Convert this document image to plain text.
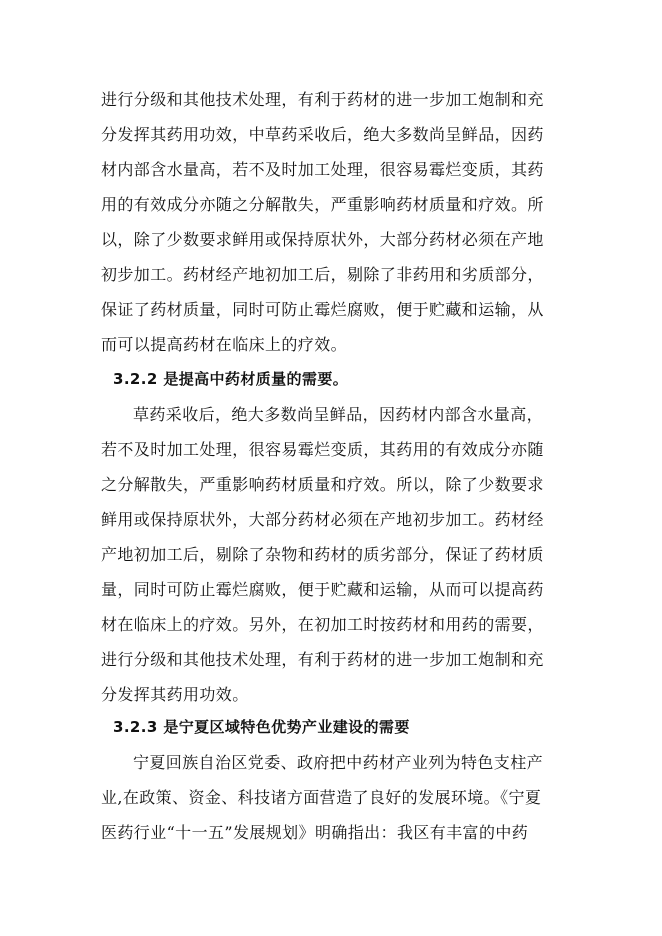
进行分级和其他技术处理，有利于药材的进一步加工炮制和充
分发挥其药用功效，中草药采收后，绝大多数尚呈鲜品，因药
材内部含水量高，若不及时加工处理，很容易霉烂变质，其药
用的有效成分亦随之分解散失，严重影响药材质量和疗效。所
以，除了少数要求鲜用或保持原状外，大部分药材必须在产地
初步加工。药材经产地初加工后，剔除了非药用和劣质部分，
保证了药材质量，同时可防止霉烂腐败，便于贮藏和运输，从
而可以提高药材在临床上的疗效。
3.2.2 是提高中药材质量的需要。
草药采收后，绝大多数尚呈鲜品，因药材内部含水量高，
若不及时加工处理，很容易霉烂变质，其药用的有效成分亦随
之分解散失，严重影响药材质量和疗效。所以，除了少数要求
鲜用或保持原状外，大部分药材必须在产地初步加工。药材经
产地初加工后，剔除了杂物和药材的质劣部分，保证了药材质
量，同时可防止霉烂腐败，便于贮藏和运输，从而可以提高药
材在临床上的疗效。另外，在初加工时按药材和用药的需要，
进行分级和其他技术处理，有利于药材的进一步加工炮制和充
分发挥其药用功效。
3.2.3 是宁夏区域特色优势产业建设的需要
宁夏回族自治区党委、政府把中药材产业列为特色支柱产
业,在政策、资金、科技诸方面营造了良好的发展环境。《宁夏
医药行业“十一五”发展规划》明确指出：我区有丰富的中药
